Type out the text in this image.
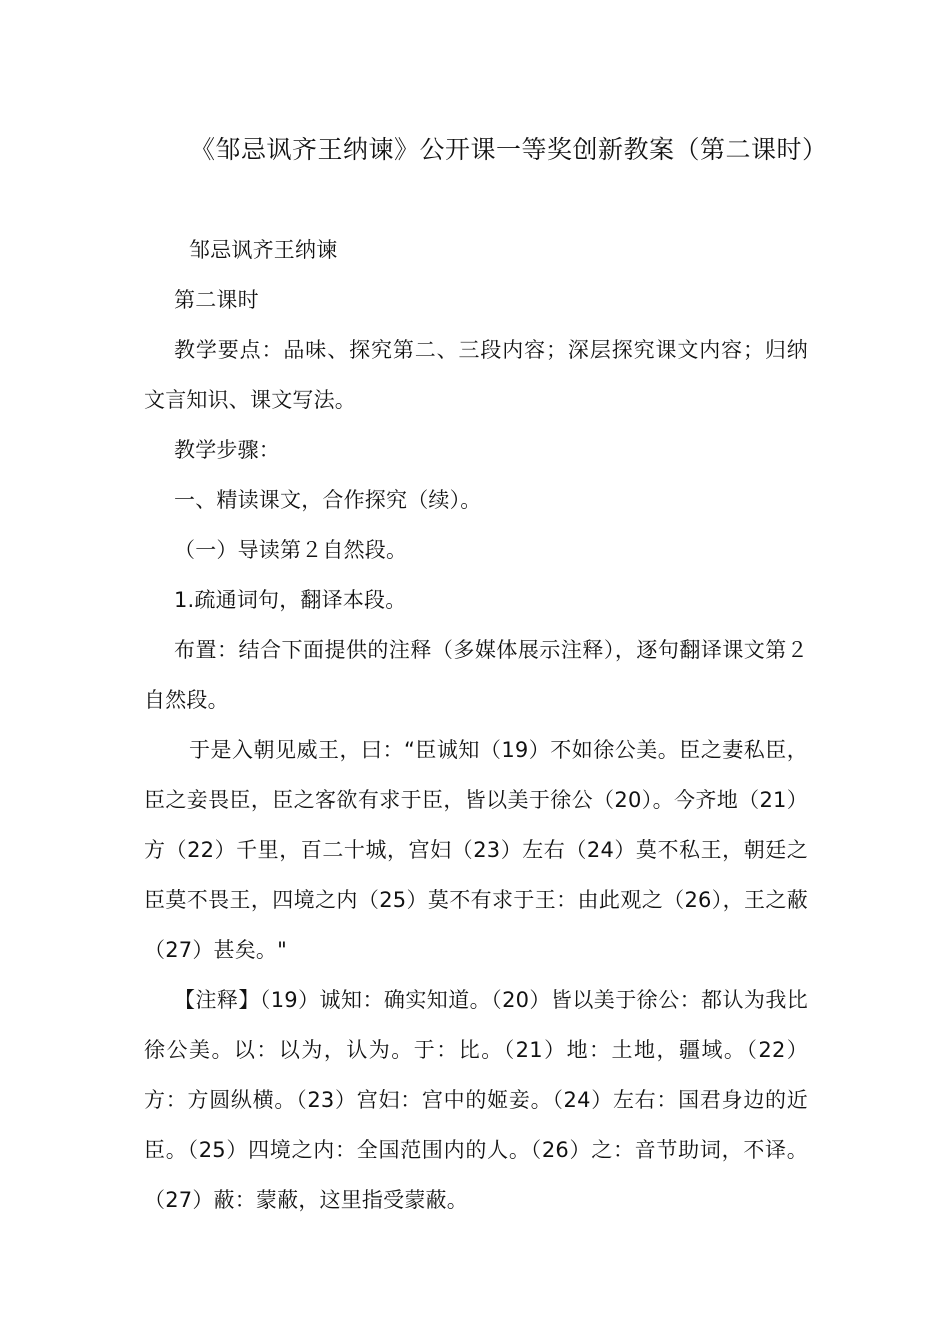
《邹忌讽齐王纳谏》公开课一等奖创新教案（第二课时）

邹忌讽齐王纳谏

第二课时

教学要点：品味、探究第二、三段内容；深层探究课文内容；归纳文言知识、课文写法。

教学步骤：

一、精读课文，合作探究（续）。

（一）导读第２自然段。

1.疏通词句，翻译本段。

布置：结合下面提供的注释（多媒体展示注释），逐句翻译课文第２自然段。

于是入朝见威王，曰：“臣诚知（19）不如徐公美。臣之妻私臣，臣之妾畏臣，臣之客欲有求于臣，皆以美于徐公（20）。今齐地（21）方（22）千里，百二十城，宫妇（23）左右（24）莫不私王，朝廷之臣莫不畏王，四境之内（25）莫不有求于王：由此观之（26），王之蔽（27）甚矣。"

【注释】（19）诚知：确实知道。（20）皆以美于徐公：都认为我比徐公美。以：以为，认为。于：比。（21）地：土地，疆域。（22）方：方圆纵横。（23）宫妇：宫中的姬妾。（24）左右：国君身边的近臣。（25）四境之内：全国范围内的人。（26）之：音节助词，不译。（27）蔽：蒙蔽，这里指受蒙蔽。
